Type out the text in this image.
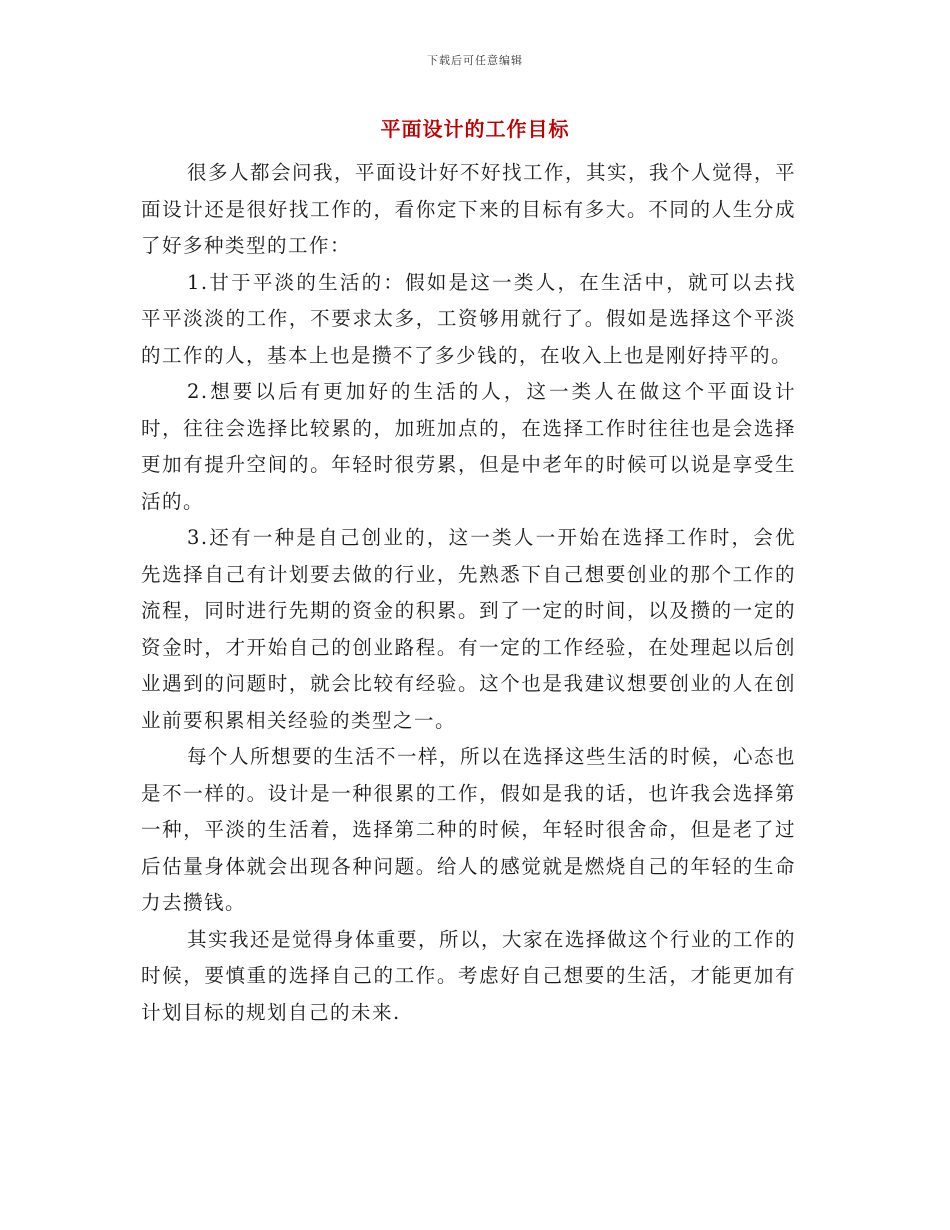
下载后可任意编辑
平面设计的工作目标

很多人都会问我，平面设计好不好找工作，其实，我个人觉得，平面设计还是很好找工作的，看你定下来的目标有多大。不同的人生分成了好多种类型的工作：

1.甘于平淡的生活的：假如是这一类人，在生活中，就可以去找平平淡淡的工作，不要求太多，工资够用就行了。假如是选择这个平淡的工作的人，基本上也是攒不了多少钱的，在收入上也是刚好持平的。

2.想要以后有更加好的生活的人，这一类人在做这个平面设计时，往往会选择比较累的，加班加点的，在选择工作时往往也是会选择更加有提升空间的。年轻时很劳累，但是中老年的时候可以说是享受生活的。

3.还有一种是自己创业的，这一类人一开始在选择工作时，会优先选择自己有计划要去做的行业，先熟悉下自己想要创业的那个工作的流程，同时进行先期的资金的积累。到了一定的时间，以及攒的一定的资金时，才开始自己的创业路程。有一定的工作经验，在处理起以后创业遇到的问题时，就会比较有经验。这个也是我建议想要创业的人在创业前要积累相关经验的类型之一。

每个人所想要的生活不一样，所以在选择这些生活的时候，心态也是不一样的。设计是一种很累的工作，假如是我的话，也许我会选择第一种，平淡的生活着，选择第二种的时候，年轻时很舍命，但是老了过后估量身体就会出现各种问题。给人的感觉就是燃烧自己的年轻的生命力去攒钱。

其实我还是觉得身体重要，所以，大家在选择做这个行业的工作的时候，要慎重的选择自己的工作。考虑好自己想要的生活，才能更加有计划目标的规划自己的未来.
